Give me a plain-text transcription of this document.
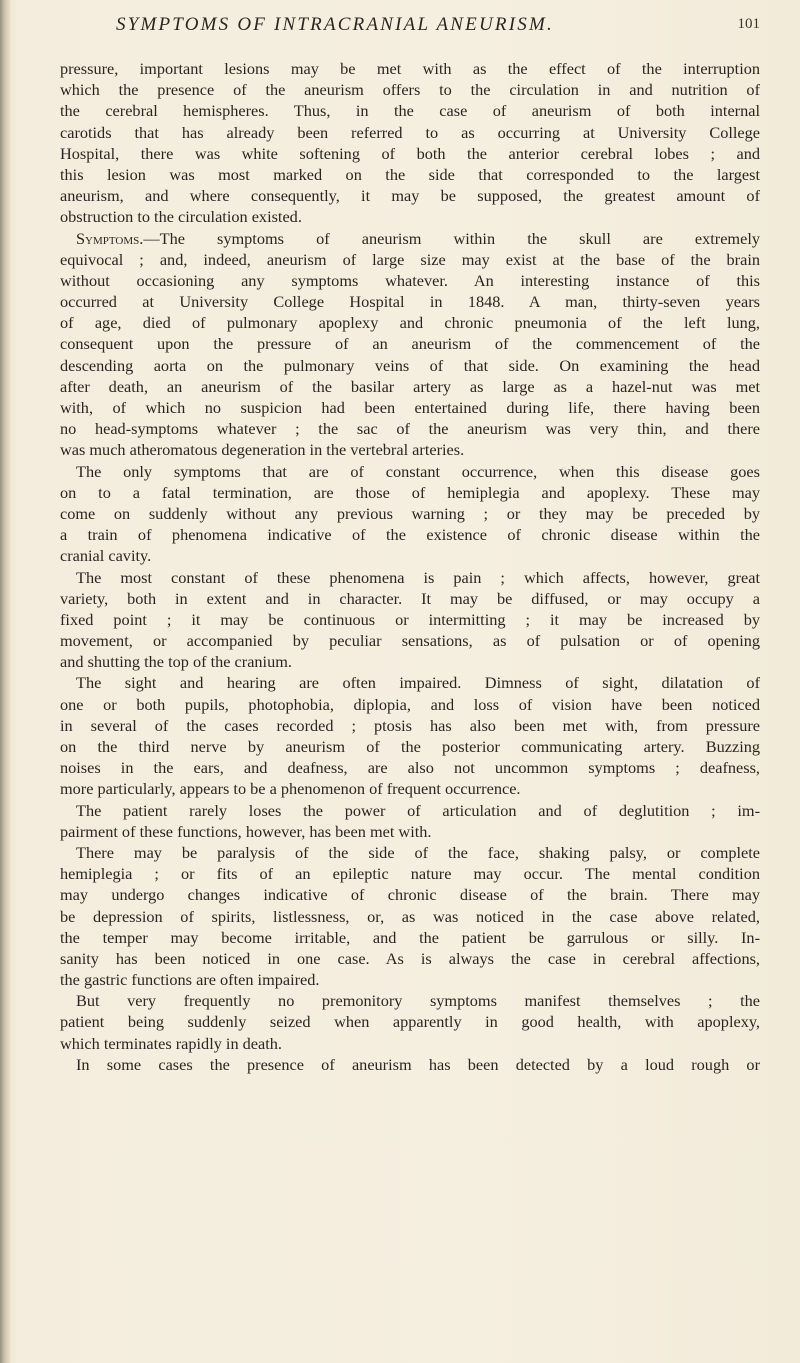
SYMPTOMS OF INTRACRANIAL ANEURISM.	101
pressure, important lesions may be met with as the effect of the interruption
which the presence of the aneurism offers to the circulation in and nutrition of
the cerebral hemispheres. Thus, in the case of aneurism of both internal
carotids that has already been referred to as occurring at University College
Hospital, there was white softening of both the anterior cerebral lobes ; and
this lesion was most marked on the side that corresponded to the largest
aneurism, and where consequently, it may be supposed, the greatest amount of
obstruction to the circulation existed.
Symptoms.—The symptoms of aneurism within the skull are extremely
equivocal ; and, indeed, aneurism of large size may exist at the base of the brain
without occasioning any symptoms whatever. An interesting instance of this
occurred at University College Hospital in 1848. A man, thirty-seven years
of age, died of pulmonary apoplexy and chronic pneumonia of the left lung,
consequent upon the pressure of an aneurism of the commencement of the
descending aorta on the pulmonary veins of that side. On examining the head
after death, an aneurism of the basilar artery as large as a hazel-nut was met
with, of which no suspicion had been entertained during life, there having been
no head-symptoms whatever ; the sac of the aneurism was very thin, and there
was much atheromatous degeneration in the vertebral arteries.
The only symptoms that are of constant occurrence, when this disease goes
on to a fatal termination, are those of hemiplegia and apoplexy. These may
come on suddenly without any previous warning ; or they may be preceded by
a train of phenomena indicative of the existence of chronic disease within the
cranial cavity.
The most constant of these phenomena is pain ; which affects, however, great
variety, both in extent and in character. It may be diffused, or may occupy a
fixed point ; it may be continuous or intermitting ; it may be increased by
movement, or accompanied by peculiar sensations, as of pulsation or of opening
and shutting the top of the cranium.
The sight and hearing are often impaired. Dimness of sight, dilatation of
one or both pupils, photophobia, diplopia, and loss of vision have been noticed
in several of the cases recorded ; ptosis has also been met with, from pressure
on the third nerve by aneurism of the posterior communicating artery. Buzzing
noises in the ears, and deafness, are also not uncommon symptoms ; deafness,
more particularly, appears to be a phenomenon of frequent occurrence.
The patient rarely loses the power of articulation and of deglutition ; im-
pairment of these functions, however, has been met with.
There may be paralysis of the side of the face, shaking palsy, or complete
hemiplegia ; or fits of an epileptic nature may occur. The mental condition
may undergo changes indicative of chronic disease of the brain. There may
be depression of spirits, listlessness, or, as was noticed in the case above related,
the temper may become irritable, and the patient be garrulous or silly. In-
sanity has been noticed in one case. As is always the case in cerebral affections,
the gastric functions are often impaired.
But very frequently no premonitory symptoms manifest themselves ; the
patient being suddenly seized when apparently in good health, with apoplexy,
which terminates rapidly in death.
In some cases the presence of aneurism has been detected by a loud rough or
